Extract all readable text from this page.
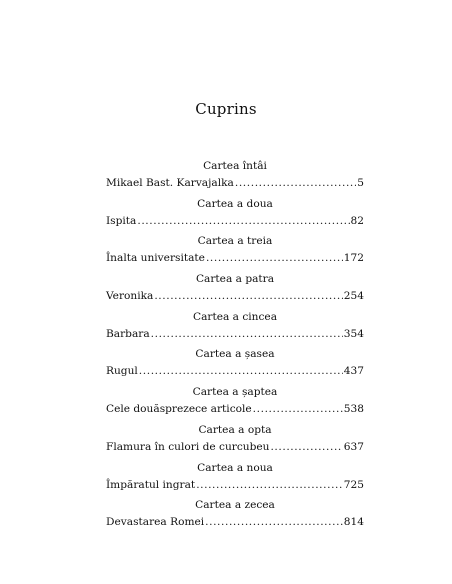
Cuprins
Cartea întâi
Mikael Bast. Karvajalka .....	5
Cartea a doua
Ispita .....	82
Cartea a treia
Înalta universitate .....	172
Cartea a patra
Veronika .....	254
Cartea a cincea
Barbara .....	354
Cartea a șasea
Rugul .....	437
Cartea a șaptea
Cele douăsprezece articole .....	538
Cartea a opta
Flamura în culori de curcubeu .....	637
Cartea a noua
Împăratul ingrat .....	725
Cartea a zecea
Devastarea Romei .....	814
